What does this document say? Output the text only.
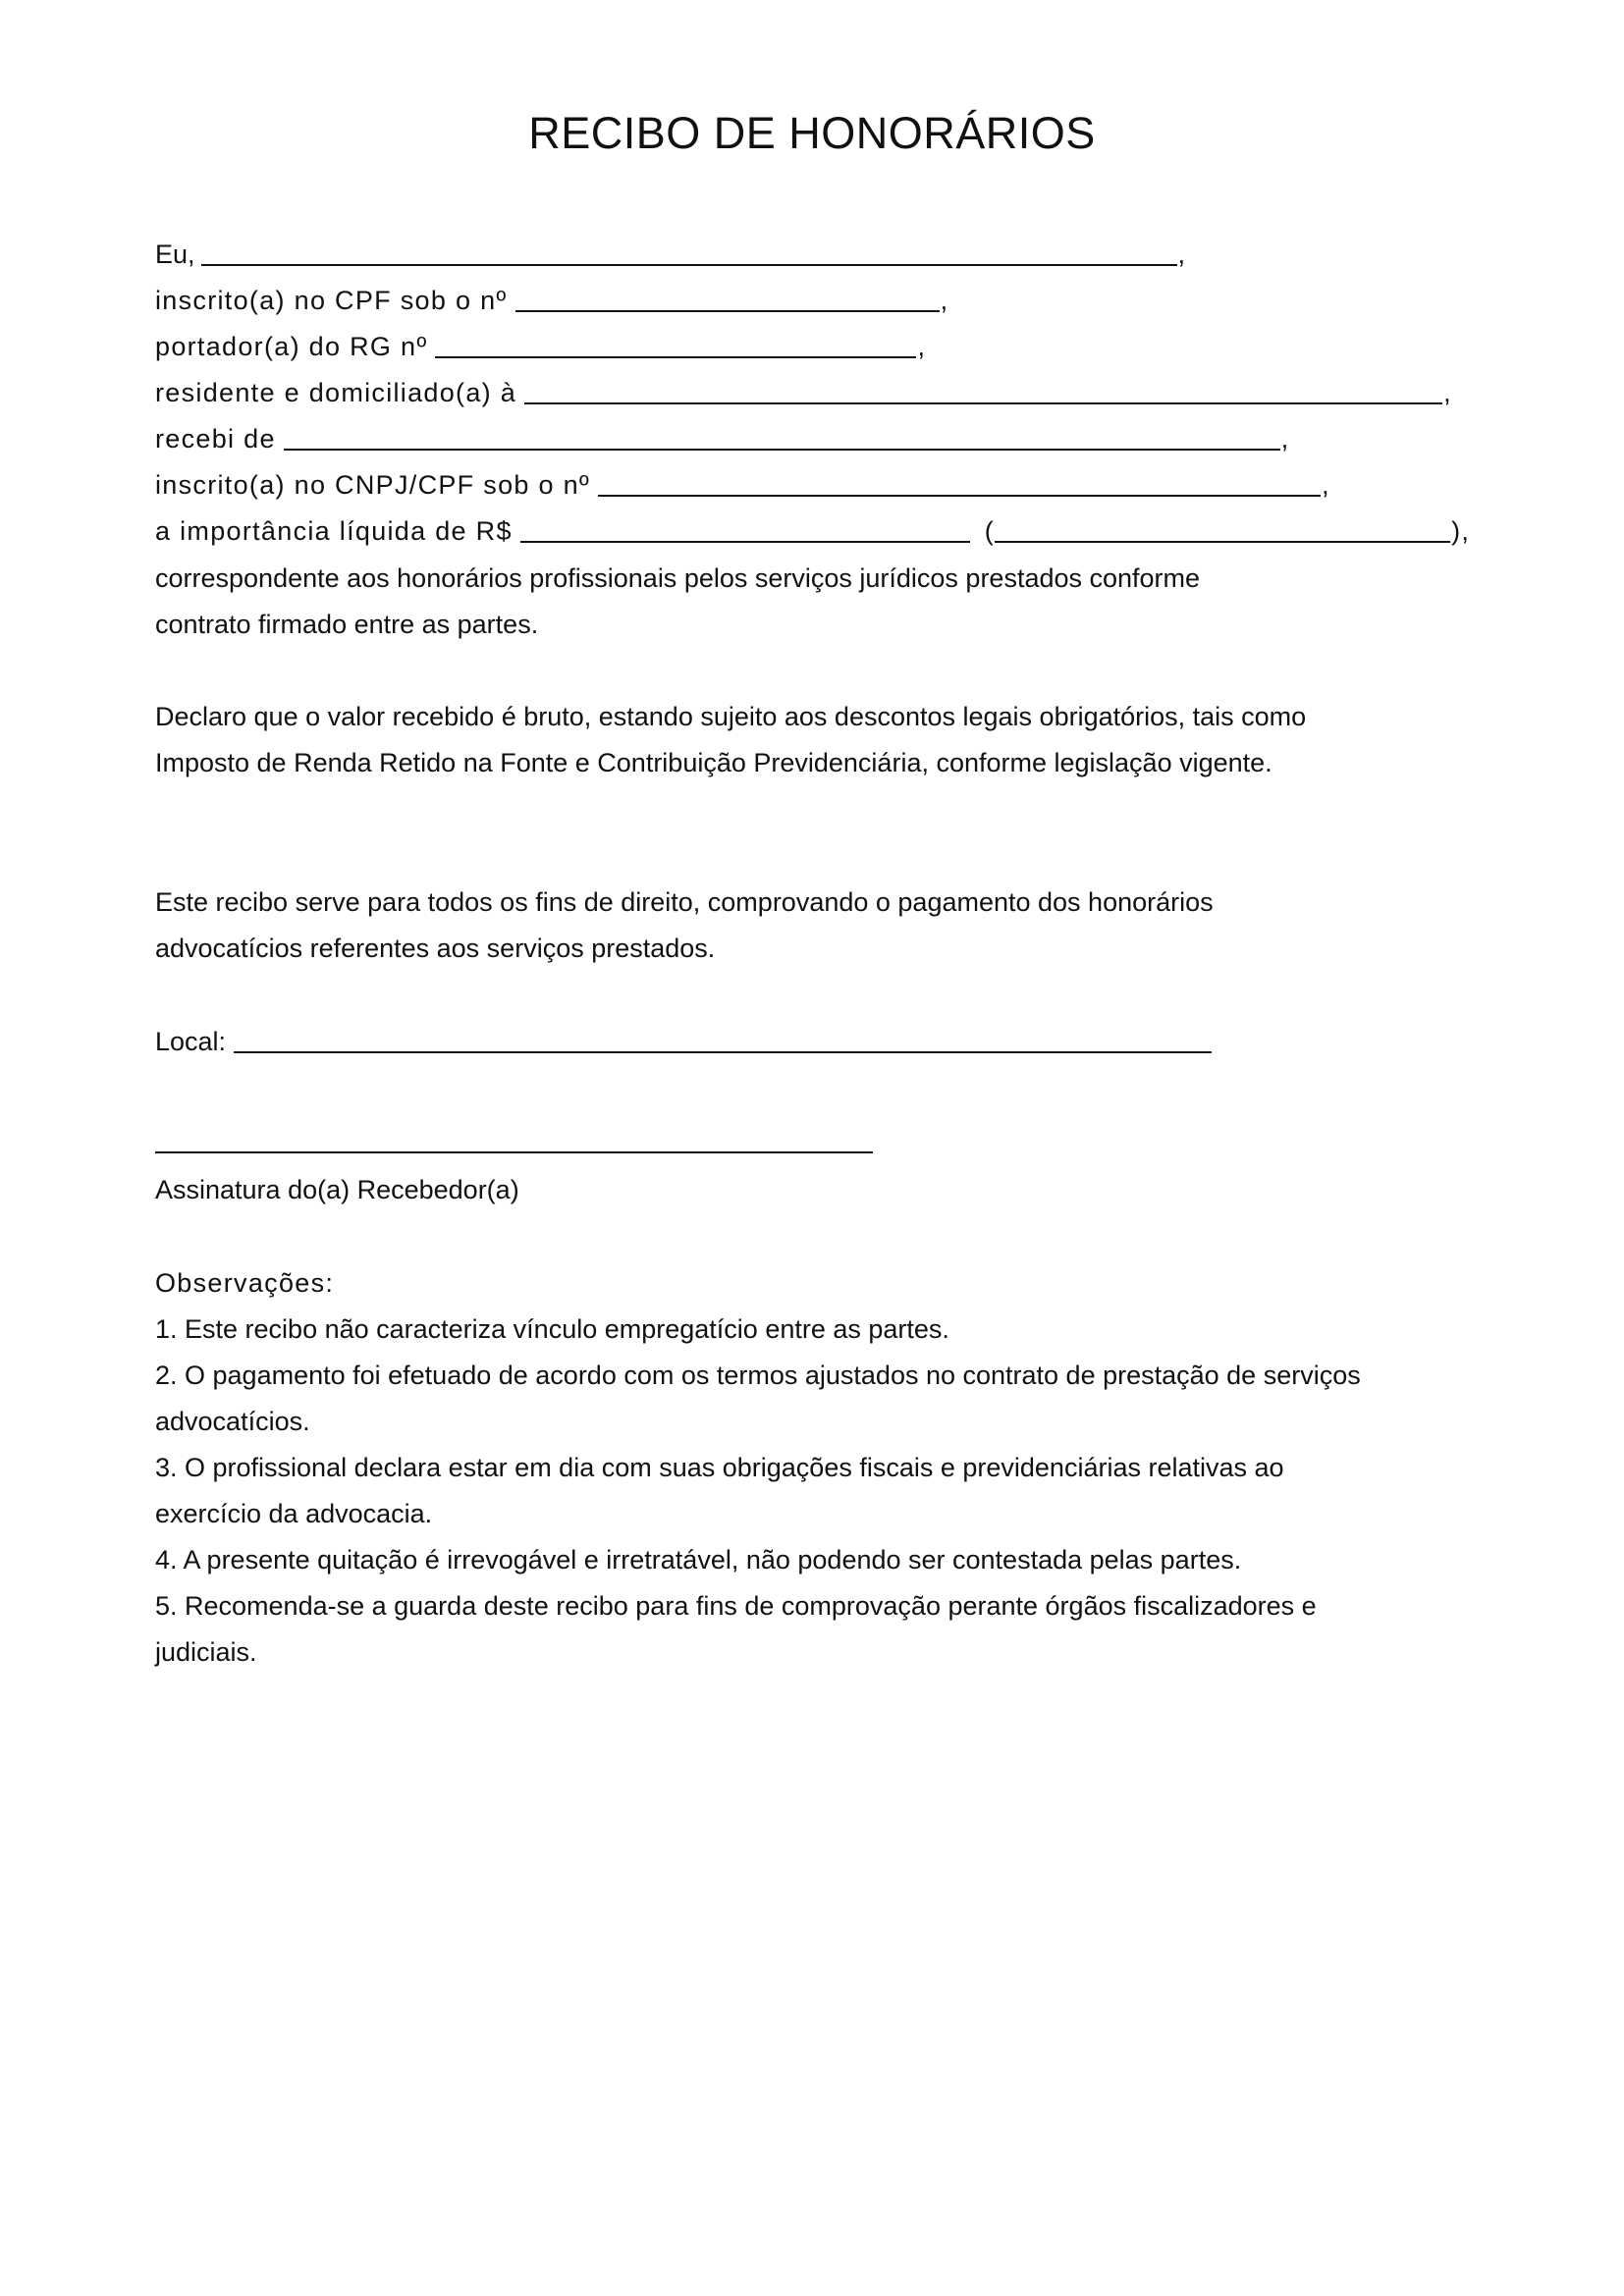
RECIBO DE HONORÁRIOS
Eu,	,
inscrito(a) no CPF sob o nº	,
portador(a) do RG nº	,
residente e domiciliado(a) à	,
recebi de	,
inscrito(a) no CNPJ/CPF sob o nº	,
a importância líquida de R$	(	),

correspondente aos honorários profissionais pelos serviços jurídicos prestados conforme contrato firmado entre as partes.

Declaro que o valor recebido é bruto, estando sujeito aos descontos legais obrigatórios, tais como Imposto de Renda Retido na Fonte e Contribuição Previdenciária, conforme legislação vigente.

Este recibo serve para todos os fins de direito, comprovando o pagamento dos honorários advocatícios referentes aos serviços prestados.

Local:
Assinatura do(a) Recebedor(a)
Observações:
1. Este recibo não caracteriza vínculo empregatício entre as partes.
2. O pagamento foi efetuado de acordo com os termos ajustados no contrato de prestação de serviços advocatícios.
3. O profissional declara estar em dia com suas obrigações fiscais e previdenciárias relativas ao exercício da advocacia.
4. A presente quitação é irrevogável e irretratável, não podendo ser contestada pelas partes.
5. Recomenda-se a guarda deste recibo para fins de comprovação perante órgãos fiscalizadores e judiciais.
